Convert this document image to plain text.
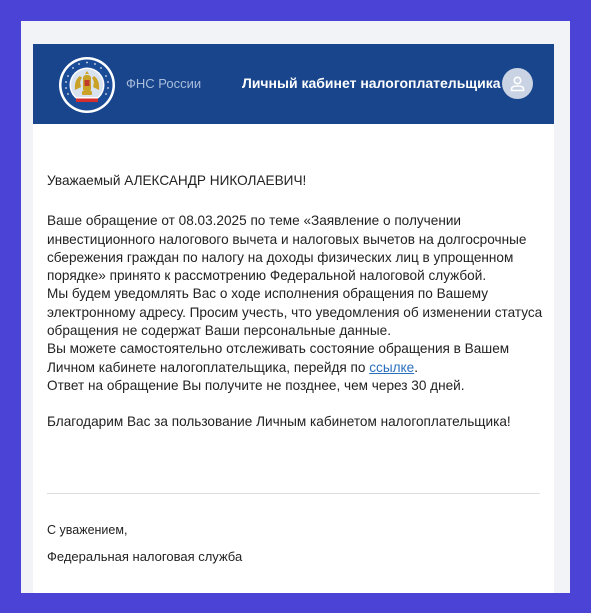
ФНС России	Личный кабинет налогоплательщика

Уважаемый АЛЕКСАНДР НИКОЛАЕВИЧ!

Ваше обращение от 08.03.2025 по теме «Заявление о получении инвестиционного налогового вычета и налоговых вычетов на долгосрочные сбережения граждан по налогу на доходы физических лиц в упрощенном порядке» принято к рассмотрению Федеральной налоговой службой.

Мы будем уведомлять Вас о ходе исполнения обращения по Вашему электронному адресу. Просим учесть, что уведомления об изменении статуса обращения не содержат Ваши персональные данные.

Вы можете самостоятельно отслеживать состояние обращения в Вашем Личном кабинете налогоплательщика, перейдя по ссылке.

Ответ на обращение Вы получите не позднее, чем через 30 дней.

Благодарим Вас за пользование Личным кабинетом налогоплательщика!

С уважением,
Федеральная налоговая служба
